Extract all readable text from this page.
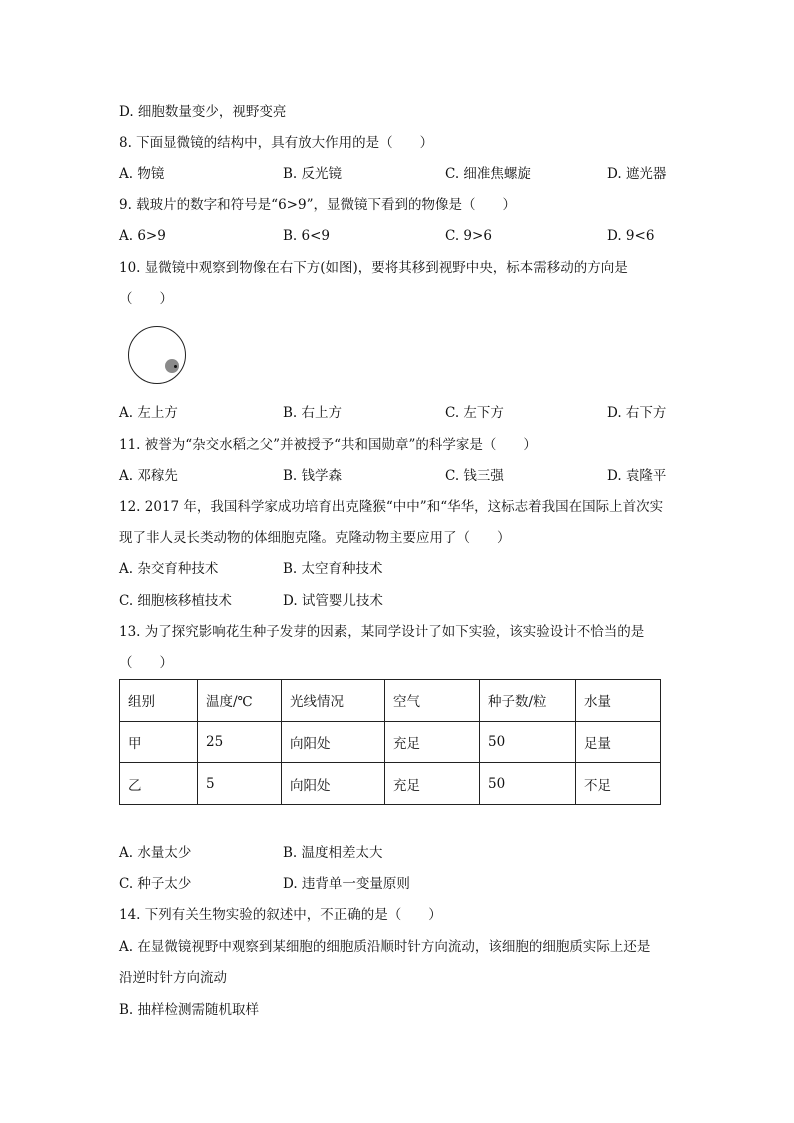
D. 细胞数量变少，视野变亮
8. 下面显微镜的结构中，具有放大作用的是（　　）
A. 物镜	B. 反光镜	C. 细准焦螺旋	D. 遮光器
9. 载玻片的数字和符号是“6>9”，显微镜下看到的物像是（　　）
A. 6>9	B. 6<9	C. 9>6	D. 9<6
10. 显微镜中观察到物像在右下方(如图)，要将其移到视野中央，标本需移动的方向是
（　　）
A. 左上方	B. 右上方	C. 左下方	D. 右下方
11. 被誉为“杂交水稻之父”并被授予“共和国勋章”的科学家是（　　）
A. 邓稼先	B. 钱学森	C. 钱三强	D. 袁隆平
12. 2017 年，我国科学家成功培育出克隆猴“中中”和“华华，这标志着我国在国际上首次实
现了非人灵长类动物的体细胞克隆。克隆动物主要应用了（　　）
A. 杂交育种技术	B. 太空育种技术
C. 细胞核移植技术	D. 试管婴儿技术
13. 为了探究影响花生种子发芽的因素，某同学设计了如下实验，该实验设计不恰当的是
（　　）
组别	温度/℃	光线情况	空气	种子数/粒	水量
甲	25	向阳处	充足	50	足量
乙	5	向阳处	充足	50	不足
A. 水量太少	B. 温度相差太大
C. 种子太少	D. 违背单一变量原则
14. 下列有关生物实验的叙述中，不正确的是（　　）
A. 在显微镜视野中观察到某细胞的细胞质沿顺时针方向流动，该细胞的细胞质实际上还是
沿逆时针方向流动
B. 抽样检测需随机取样
